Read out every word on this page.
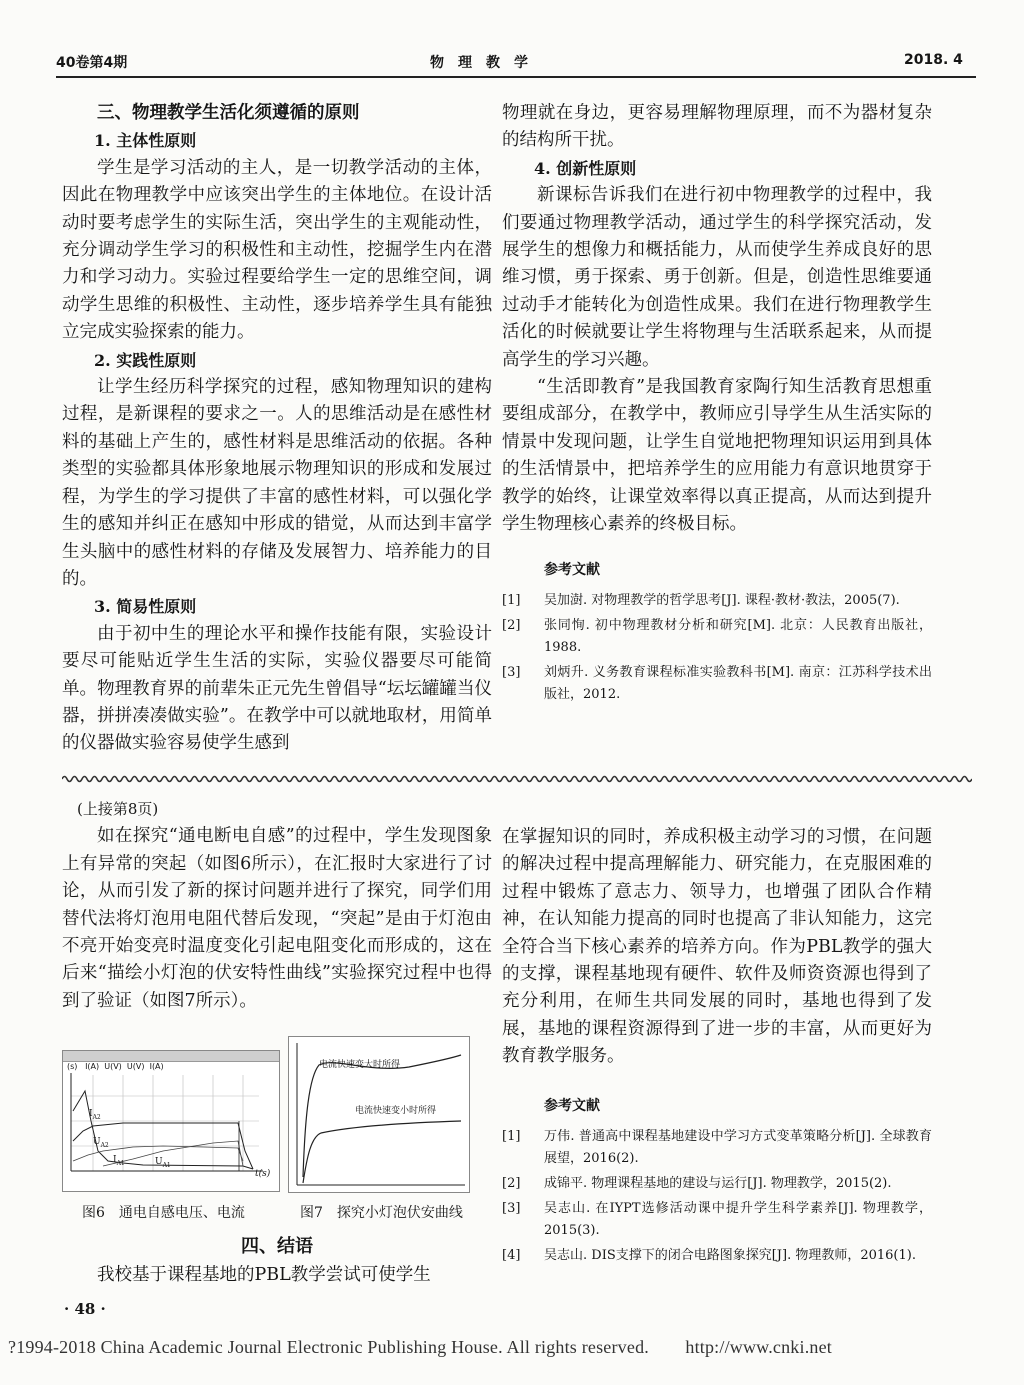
40卷第4期	物　理　教　学	2018. 4

三、物理教学生活化须遵循的原则

1. 主体性原则

学生是学习活动的主人，是一切教学活动的主体，因此在物理教学中应该突出学生的主体地位。在设计活动时要考虑学生的实际生活，突出学生的主观能动性，充分调动学生学习的积极性和主动性，挖掘学生内在潜力和学习动力。实验过程要给学生一定的思维空间，调动学生思维的积极性、主动性，逐步培养学生具有能独立完成实验探索的能力。

2. 实践性原则

让学生经历科学探究的过程，感知物理知识的建构过程，是新课程的要求之一。人的思维活动是在感性材料的基础上产生的，感性材料是思维活动的依据。各种类型的实验都具体形象地展示物理知识的形成和发展过程，为学生的学习提供了丰富的感性材料，可以强化学生的感知并纠正在感知中形成的错觉，从而达到丰富学生头脑中的感性材料的存储及发展智力、培养能力的目的。

3. 简易性原则

由于初中生的理论水平和操作技能有限，实验设计要尽可能贴近学生生活的实际，实验仪器要尽可能简单。物理教育界的前辈朱正元先生曾倡导“坛坛罐罐当仪器，拼拼凑凑做实验”。在教学中可以就地取材，用简单的仪器做实验容易使学生感到

物理就在身边，更容易理解物理原理，而不为器材复杂的结构所干扰。

4. 创新性原则

新课标告诉我们在进行初中物理教学的过程中，我们要通过物理教学活动，通过学生的科学探究活动，发展学生的想像力和概括能力，从而使学生养成良好的思维习惯，勇于探索、勇于创新。但是，创造性思维要通过动手才能转化为创造性成果。我们在进行物理教学生活化的时候就要让学生将物理与生活联系起来，从而提高学生的学习兴趣。

“生活即教育”是我国教育家陶行知生活教育思想重要组成部分，在教学中，教师应引导学生从生活实际的情景中发现问题，让学生自觉地把物理知识运用到具体的生活情景中，把培养学生的应用能力有意识地贯穿于教学的始终，让课堂效率得以真正提高，从而达到提升学生物理核心素养的终极目标。

参考文献
[1] 吴加澍. 对物理教学的哲学思考[J]. 课程·教材·教法，2005(7).
[2] 张同恂. 初中物理教材分析和研究[M]. 北京：人民教育出版社，1988.
[3] 刘炳升. 义务教育课程标准实验教科书[M]. 南京：江苏科学技术出版社，2012.

(上接第8页)

如在探究“通电断电自感”的过程中，学生发现图象上有异常的突起（如图6所示），在汇报时大家进行了讨论，从而引发了新的探讨问题并进行了探究，同学们用替代法将灯泡用电阻代替后发现，“突起”是由于灯泡由不亮开始变亮时温度变化引起电阻变化而形成的，这在后来“描绘小灯泡的伏安特性曲线”实验探究过程中也得到了验证（如图7所示）。

(s) I(A) U(V) U(V) I(A)
$I_{A2}$
$U_{A2}$
$I_{A1}$	$U_{A1}$
t(s)
电流快速变大时所得
电流快速变小时所得
图6　通电自感电压、电流	图7　探究小灯泡伏安曲线
四、结语

我校基于课程基地的PBL教学尝试可使学生

在掌握知识的同时，养成积极主动学习的习惯，在问题的解决过程中提高理解能力、研究能力，在克服困难的过程中锻炼了意志力、领导力，也增强了团队合作精神，在认知能力提高的同时也提高了非认知能力，这完全符合当下核心素养的培养方向。作为PBL教学的强大的支撑，课程基地现有硬件、软件及师资资源也得到了充分利用，在师生共同发展的同时，基地也得到了发展，基地的课程资源得到了进一步的丰富，从而更好为教育教学服务。

参考文献
[1] 万伟. 普通高中课程基地建设中学习方式变革策略分析[J]. 全球教育展望，2016(2).
[2] 成锦平. 物理课程基地的建设与运行[J]. 物理教学，2015(2).
[3] 吴志山. 在IYPT选修活动课中提升学生科学素养[J]. 物理教学，2015(3).
[4] 吴志山. DIS支撑下的闭合电路图象探究[J]. 物理教师，2016(1).
· 48 ·
?1994-2018 China Academic Journal Electronic Publishing House. All rights reserved.　　http://www.cnki.net
